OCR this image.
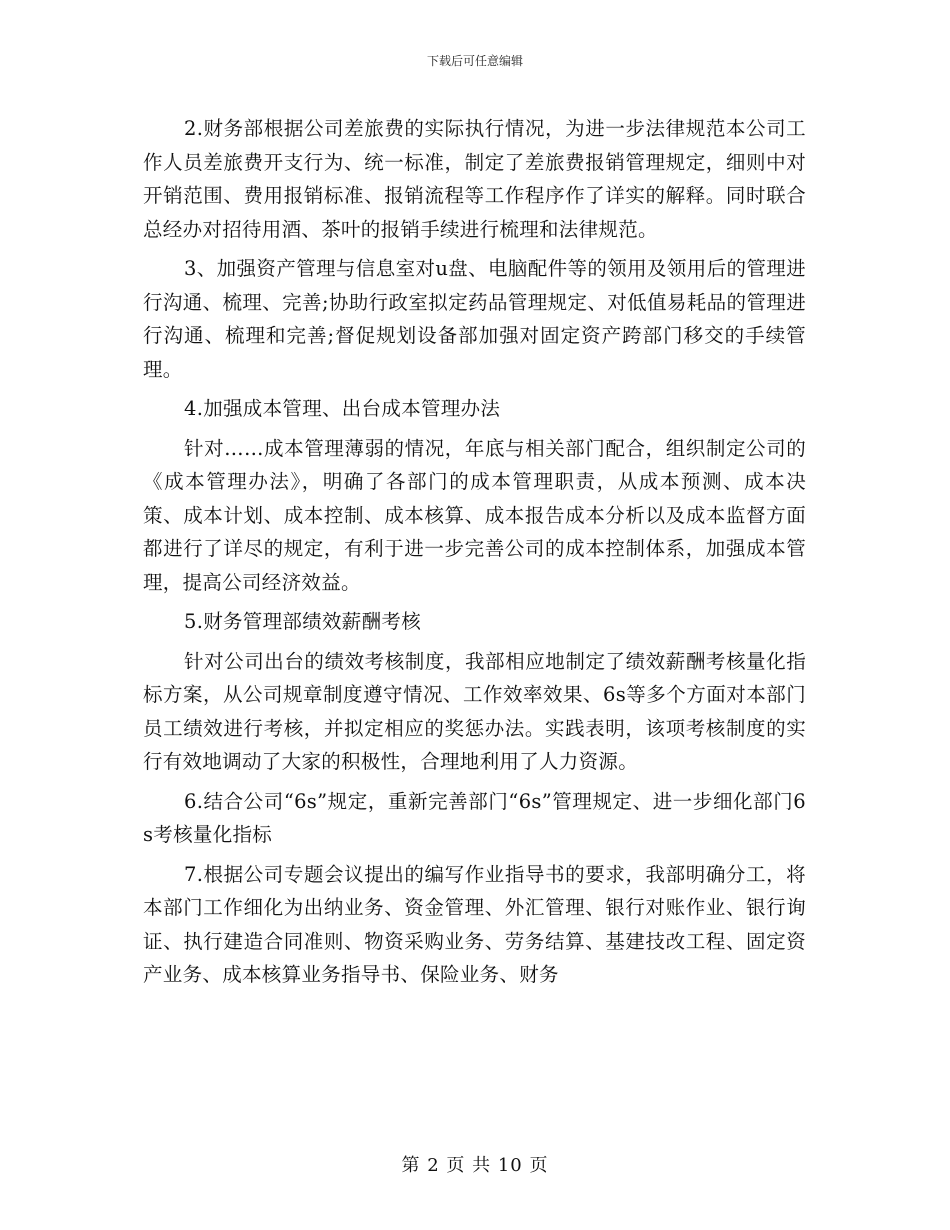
下载后可任意编辑

2.财务部根据公司差旅费的实际执行情况，为进一步法律规范本公司工作人员差旅费开支行为、统一标准，制定了差旅费报销管理规定，细则中对开销范围、费用报销标准、报销流程等工作程序作了详实的解释。同时联合总经办对招待用酒、茶叶的报销手续进行梳理和法律规范。

3、加强资产管理与信息室对u盘、电脑配件等的领用及领用后的管理进行沟通、梳理、完善;协助行政室拟定药品管理规定、对低值易耗品的管理进行沟通、梳理和完善;督促规划设备部加强对固定资产跨部门移交的手续管理。

4.加强成本管理、出台成本管理办法

针对……成本管理薄弱的情况，年底与相关部门配合，组织制定公司的《成本管理办法》，明确了各部门的成本管理职责，从成本预测、成本决策、成本计划、成本控制、成本核算、成本报告成本分析以及成本监督方面都进行了详尽的规定，有利于进一步完善公司的成本控制体系，加强成本管理，提高公司经济效益。

5.财务管理部绩效薪酬考核

针对公司出台的绩效考核制度，我部相应地制定了绩效薪酬考核量化指标方案，从公司规章制度遵守情况、工作效率效果、6s等多个方面对本部门员工绩效进行考核，并拟定相应的奖惩办法。实践表明，该项考核制度的实行有效地调动了大家的积极性，合理地利用了人力资源。

6.结合公司“6s”规定，重新完善部门“6s”管理规定、进一步细化部门6s考核量化指标

7.根据公司专题会议提出的编写作业指导书的要求，我部明确分工，将本部门工作细化为出纳业务、资金管理、外汇管理、银行对账作业、银行询证、执行建造合同准则、物资采购业务、劳务结算、基建技改工程、固定资产业务、成本核算业务指导书、保险业务、财务

第 2 页 共 10 页
